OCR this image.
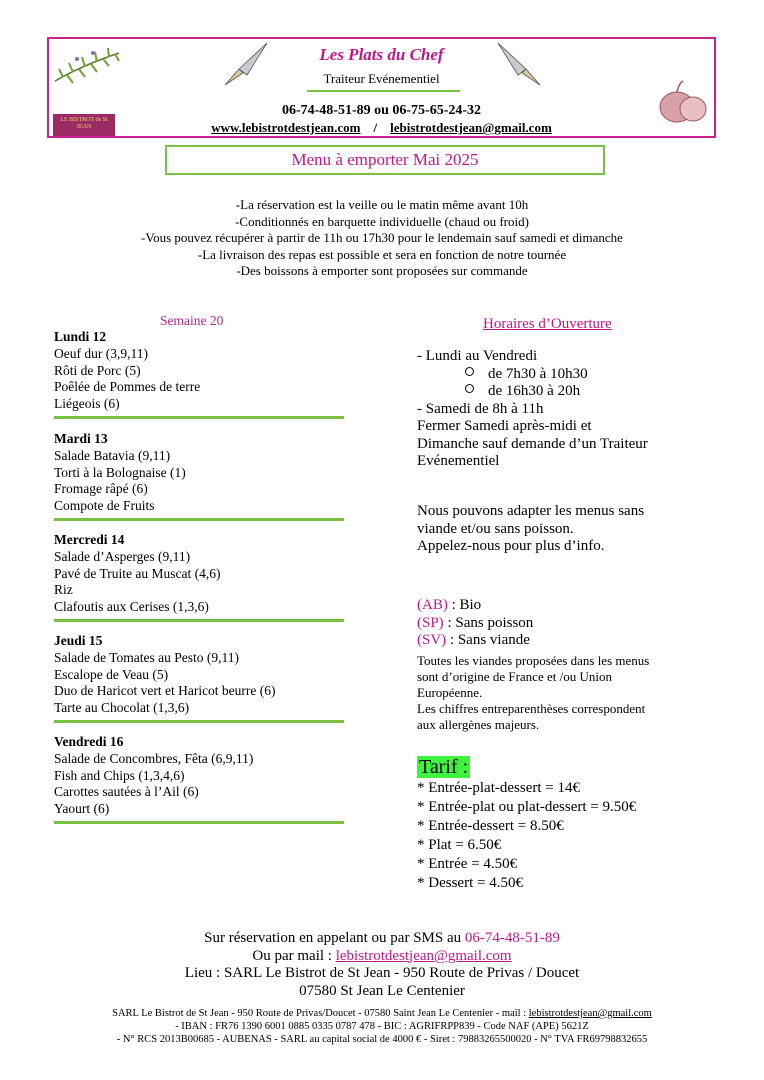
LE BISTROT de St JEAN
Les Plats du Chef
Traiteur Evénementiel
06-74-48-51-89 ou 06-75-65-24-32
www.lebistrotdestjean.com / lebistrotdestjean@gmail.com
Menu à emporter Mai 2025
-La réservation est la veille ou le matin même avant 10h
-Conditionnés en barquette individuelle (chaud ou froid)
-Vous pouvez récupérer à partir de 11h ou 17h30 pour le lendemain sauf samedi et dimanche
-La livraison des repas est possible et sera en fonction de notre tournée
-Des boissons à emporter sont proposées sur commande
Semaine 20
Lundi 12
Oeuf dur (3,9,11)
Rôti de Porc (5)
Poêlée de Pommes de terre
Liégeois (6)
Mardi 13
Salade Batavia (9,11)
Torti à la Bolognaise (1)
Fromage râpé (6)
Compote de Fruits
Mercredi 14
Salade d’Asperges (9,11)
Pavé de Truite au Muscat (4,6)
Riz
Clafoutis aux Cerises (1,3,6)
Jeudi 15
Salade de Tomates au Pesto (9,11)
Escalope de Veau (5)
Duo de Haricot vert et Haricot beurre (6)
Tarte au Chocolat (1,3,6)
Vendredi 16
Salade de Concombres, Fêta (6,9,11)
Fish and Chips (1,3,4,6)
Carottes sautées à l’Ail (6)
Yaourt (6)
Horaires d’Ouverture
- Lundi au Vendredi
de 7h30 à 10h30
de 16h30 à 20h
- Samedi de 8h à 11h
Fermer Samedi après-midi et
Dimanche sauf demande d’un Traiteur
Evénementiel
Nous pouvons adapter les menus sans
viande et/ou sans poisson.
Appelez-nous pour plus d’info.
(AB) : Bio
(SP) : Sans poisson
(SV) : Sans viande
Toutes les viandes proposées dans les menus
sont d’origine de France et /ou Union
Européenne.
Les chiffres entreparenthèses correspondent
aux allergènes majeurs.
Tarif :
* Entrée-plat-dessert = 14€
* Entrée-plat ou plat-dessert = 9.50€
* Entrée-dessert = 8.50€
* Plat = 6.50€
* Entrée = 4.50€
* Dessert = 4.50€
Sur réservation en appelant ou par SMS au 06-74-48-51-89
Ou par mail : lebistrotdestjean@gmail.com
Lieu : SARL Le Bistrot de St Jean - 950 Route de Privas / Doucet
07580 St Jean Le Centenier
SARL Le Bistrot de St Jean - 950 Route de Privas/Doucet - 07580 Saint Jean Le Centenier - mail : lebistrotdestjean@gmail.com
- IBAN : FR76 1390 6001 0885 0335 0787 478 - BIC : AGRIFRPP839 - Code NAF (APE) 5621Z
- N° RCS 2013B00685 - AUBENAS - SARL au capital social de 4000 € - Siret : 79883265500020 - N° TVA FR69798832655
